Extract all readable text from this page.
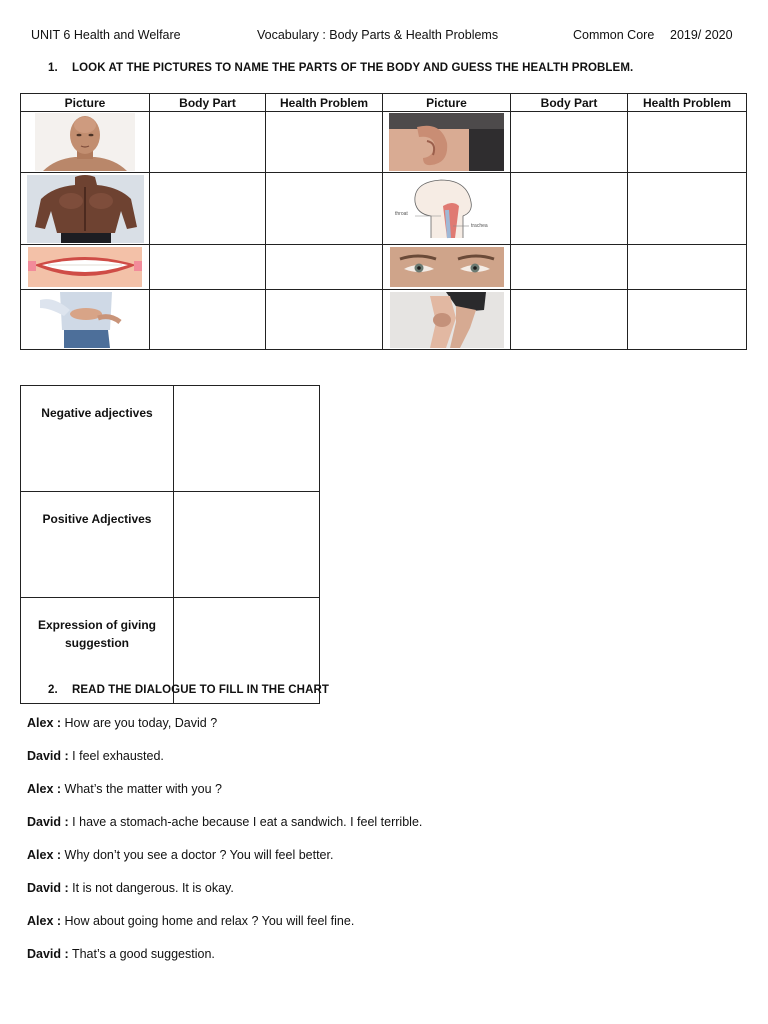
UNIT 6 Health and Welfare	Vocabulary : Body Parts & Health Problems	Common Core 2019/ 2020
1. LOOK AT THE PICTURES TO NAME THE PARTS OF THE BODY AND GUESS THE HEALTH PROBLEM.
Picture	Body Part	Health Problem	Picture	Body Part	Health Problem

throat
trachea		

Negative adjectives	

Positive Adjectives	

Expression of giving
suggestion	

2. READ THE DIALOGUE TO FILL IN THE CHART
Alex : How are you today, David ?
David : I feel exhausted.
Alex : What’s the matter with you ?
David : I have a stomach-ache because I eat a sandwich. I feel terrible.
Alex : Why don’t you see a doctor ? You will feel better.
David : It is not dangerous. It is okay.
Alex : How about going home and relax ? You will feel fine.
David : That’s a good suggestion.
